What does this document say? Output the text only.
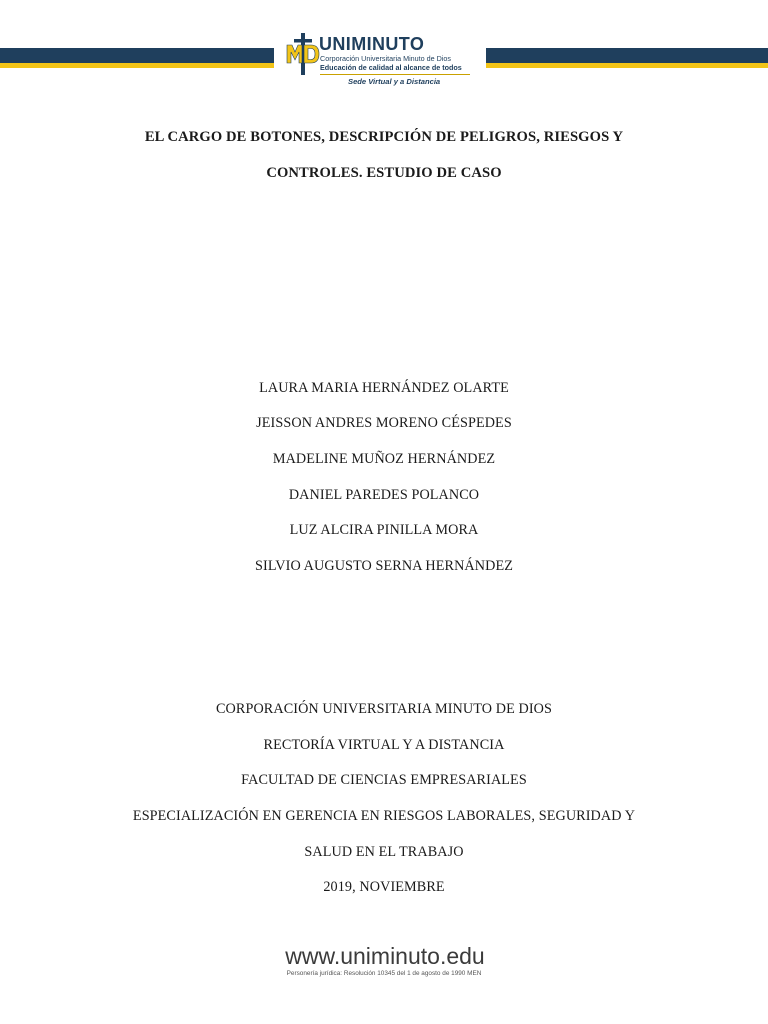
UNIMINUTO
Corporación Universitaria Minuto de Dios
Educación de calidad al alcance de todos
Sede Virtual y a Distancia
EL CARGO DE BOTONES, DESCRIPCIÓN DE PELIGROS, RIESGOS Y
CONTROLES. ESTUDIO DE CASO
LAURA MARIA HERNÁNDEZ OLARTE
JEISSON ANDRES MORENO CÉSPEDES
MADELINE MUÑOZ HERNÁNDEZ
DANIEL PAREDES POLANCO
LUZ ALCIRA PINILLA MORA
SILVIO AUGUSTO SERNA HERNÁNDEZ
CORPORACIÓN UNIVERSITARIA MINUTO DE DIOS
RECTORÍA VIRTUAL Y A DISTANCIA
FACULTAD DE CIENCIAS EMPRESARIALES
ESPECIALIZACIÓN EN GERENCIA EN RIESGOS LABORALES, SEGURIDAD Y
SALUD EN EL TRABAJO
2019, NOVIEMBRE
www.uniminuto.edu
Personería jurídica: Resolución 10345 del 1 de agosto de 1990 MEN
